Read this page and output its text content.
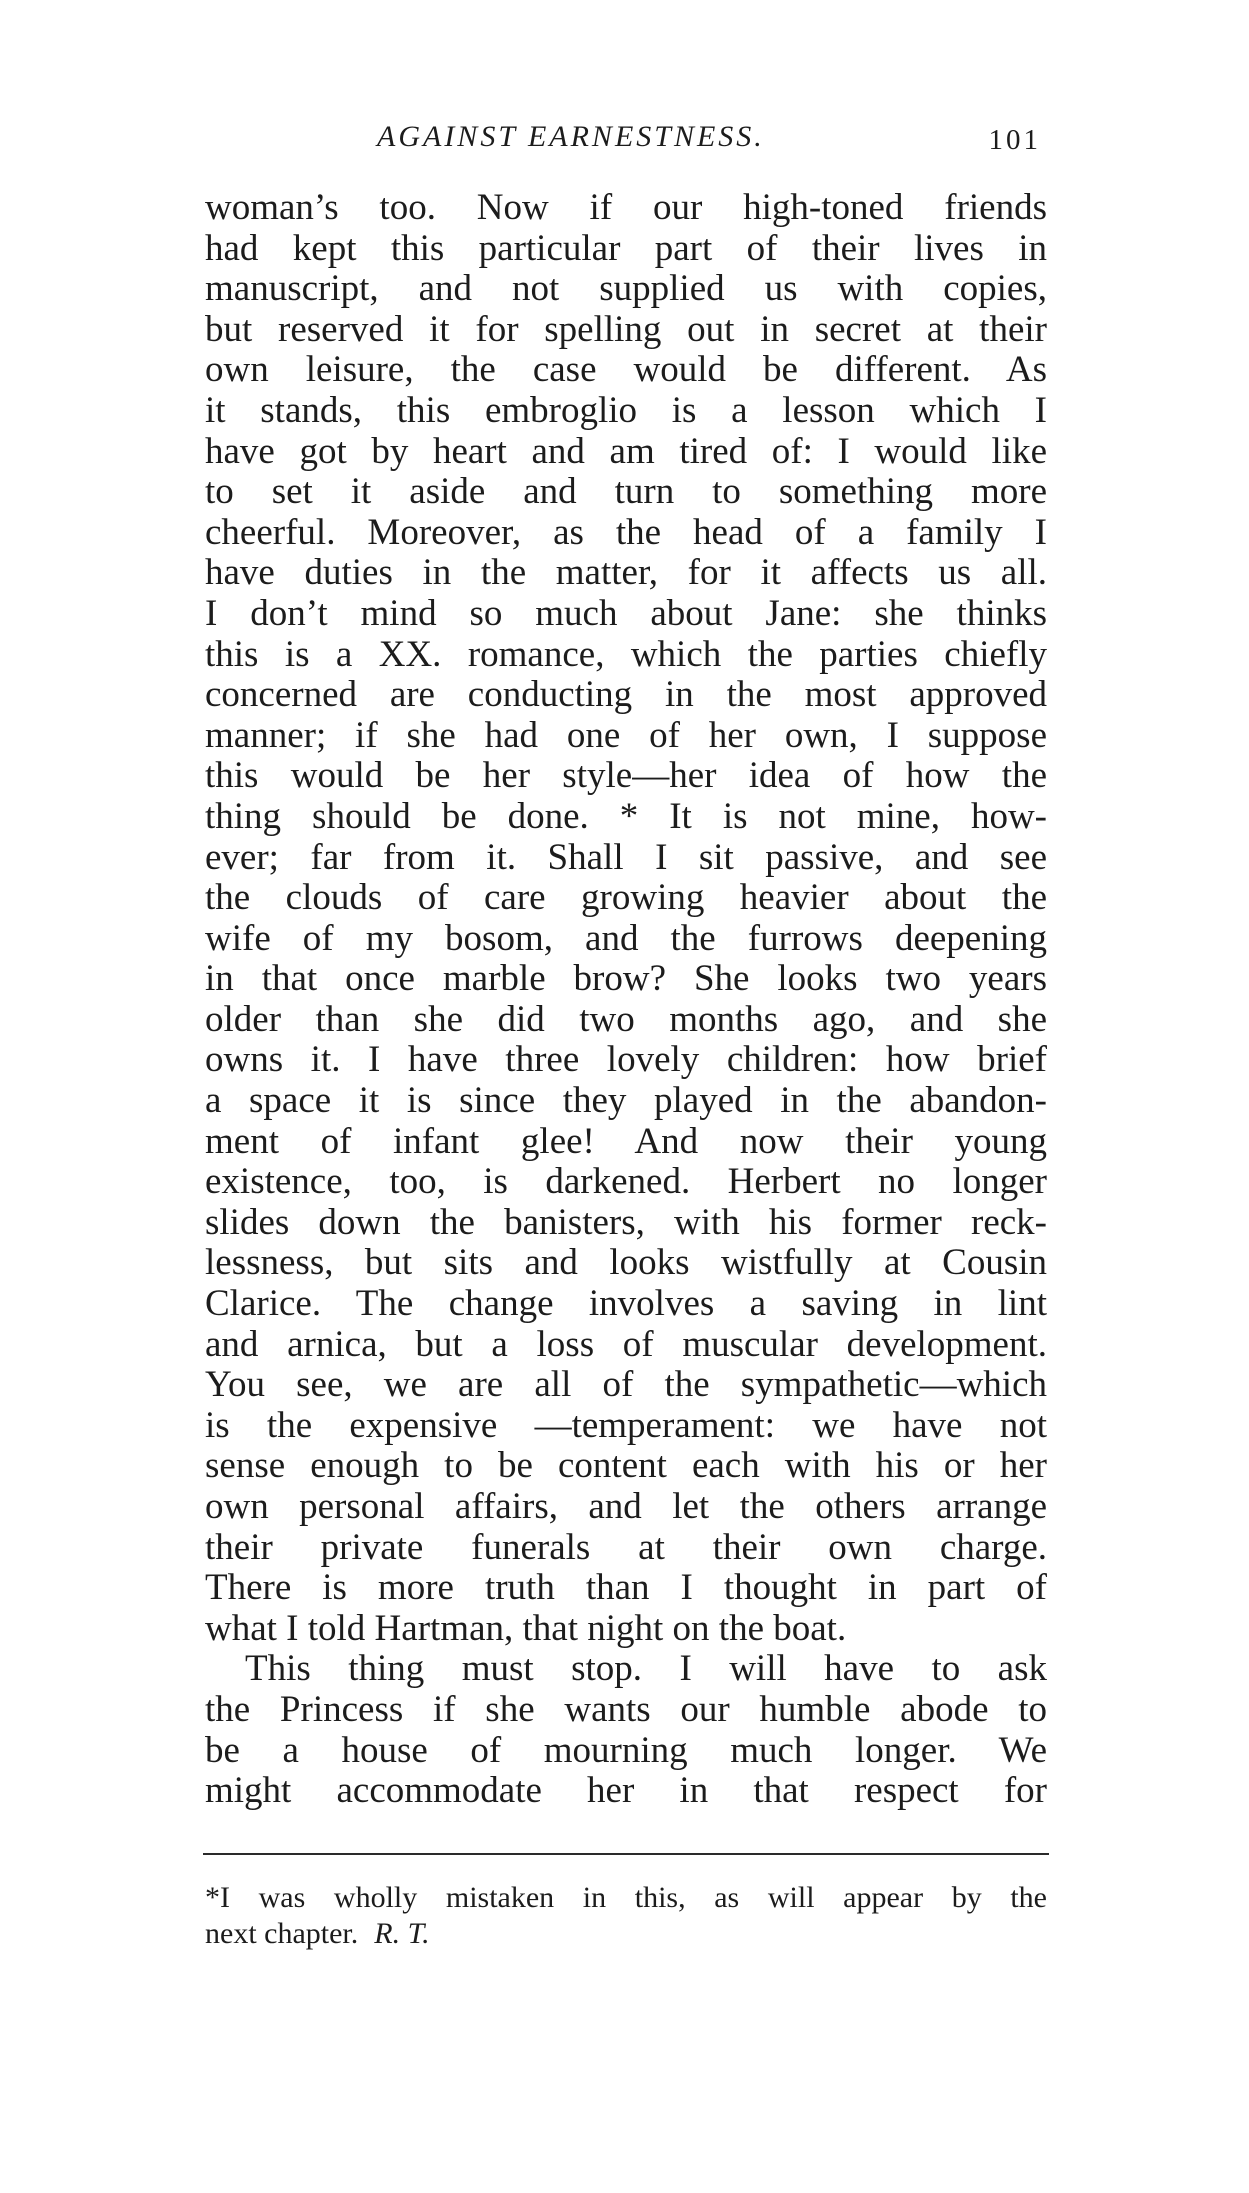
AGAINST EARNESTNESS.	101
woman’s too. Now if our high-toned friends
had kept this particular part of their lives in
manuscript, and not supplied us with copies,
but reserved it for spelling out in secret at their
own leisure, the case would be different. As
it stands, this embroglio is a lesson which I
have got by heart and am tired of: I would like
to set it aside and turn to something more
cheerful. Moreover, as the head of a family I
have duties in the matter, for it affects us all.
I don’t mind so much about Jane: she thinks
this is a XX. romance, which the parties chiefly
concerned are conducting in the most approved
manner; if she had one of her own, I suppose
this would be her style—her idea of how the
thing should be done. * It is not mine, how-
ever; far from it. Shall I sit passive, and see
the clouds of care growing heavier about the
wife of my bosom, and the furrows deepening
in that once marble brow? She looks two years
older than she did two months ago, and she
owns it. I have three lovely children: how brief
a space it is since they played in the abandon-
ment of infant glee! And now their young
existence, too, is darkened. Herbert no longer
slides down the banisters, with his former reck-
lessness, but sits and looks wistfully at Cousin
Clarice. The change involves a saving in lint
and arnica, but a loss of muscular development.
You see, we are all of the sympathetic—which
is the expensive —temperament: we have not
sense enough to be content each with his or her
own personal affairs, and let the others arrange
their private funerals at their own charge.
There is more truth than I thought in part of
what I told Hartman, that night on the boat.
This thing must stop. I will have to ask
the Princess if she wants our humble abode to
be a house of mourning much longer. We
might accommodate her in that respect for
*I was wholly mistaken in this, as will appear by the
next chapter. R. T.
